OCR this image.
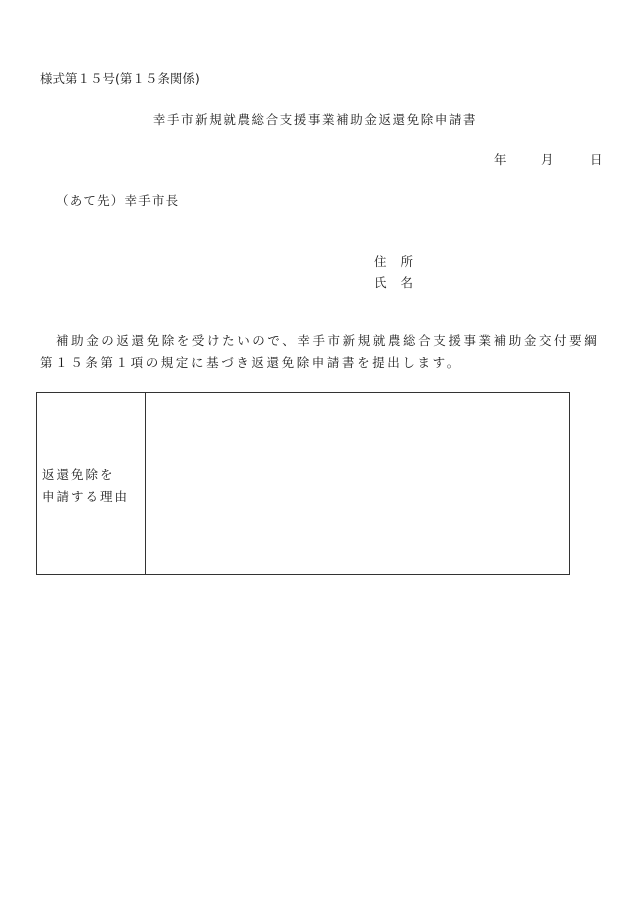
様式第１５号(第１５条関係)
幸手市新規就農総合支援事業補助金返還免除申請書
年	月	日
（あて先）幸手市長
住所
氏名
補助金の返還免除を受けたいので、幸手市新規就農総合支援事業補助金交付要綱第１５条第１項の規定に基づき返還免除申請書を提出します。
返還免除を
申請する理由
